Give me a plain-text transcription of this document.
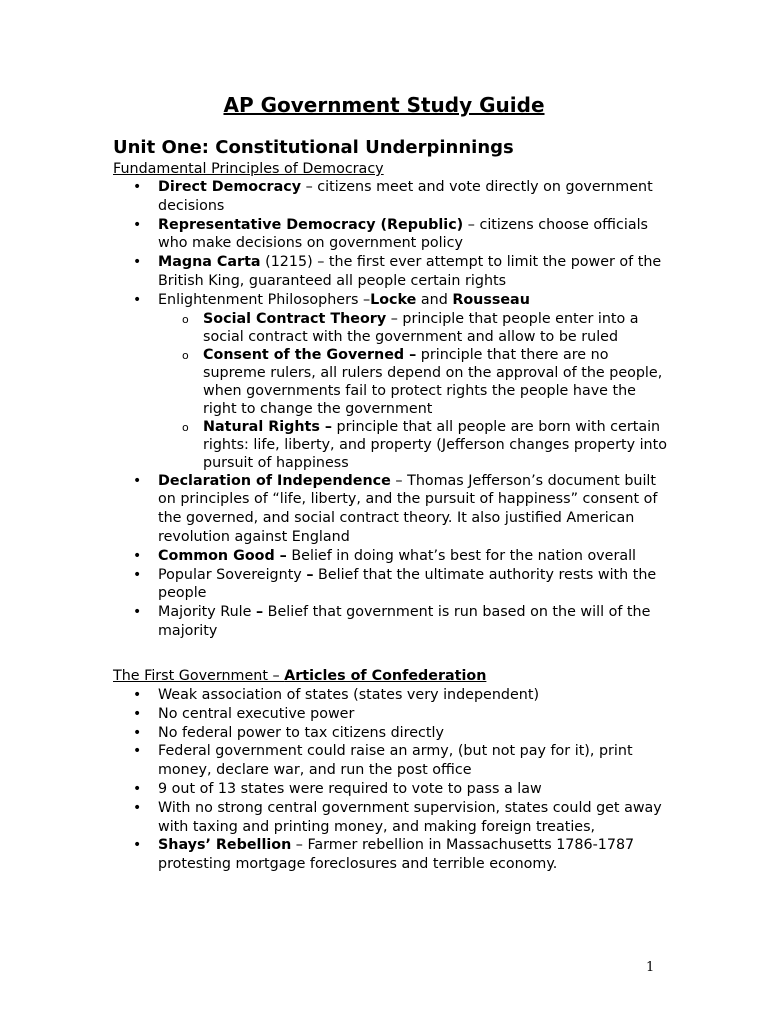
AP Government Study Guide
Unit One: Constitutional Underpinnings
Fundamental Principles of Democracy
• Direct Democracy – citizens meet and vote directly on government decisions
• Representative Democracy (Republic) – citizens choose officials who make decisions on government policy
• Magna Carta (1215) – the first ever attempt to limit the power of the British King, guaranteed all people certain rights
• Enlightenment Philosophers –Locke and Rousseau
o Social Contract Theory – principle that people enter into a social contract with the government and allow to be ruled
o Consent of the Governed – principle that there are no supreme rulers, all rulers depend on the approval of the people, when governments fail to protect rights the people have the right to change the government
o Natural Rights – principle that all people are born with certain rights: life, liberty, and property (Jefferson changes property into pursuit of happiness
• Declaration of Independence – Thomas Jefferson’s document built on principles of “life, liberty, and the pursuit of happiness” consent of the governed, and social contract theory. It also justified American revolution against England
• Common Good – Belief in doing what’s best for the nation overall
• Popular Sovereignty – Belief that the ultimate authority rests with the people
• Majority Rule – Belief that government is run based on the will of the majority
The First Government – Articles of Confederation
• Weak association of states (states very independent)
• No central executive power
• No federal power to tax citizens directly
• Federal government could raise an army, (but not pay for it), print money, declare war, and run the post office
• 9 out of 13 states were required to vote to pass a law
• With no strong central government supervision, states could get away with taxing and printing money, and making foreign treaties,
• Shays’ Rebellion – Farmer rebellion in Massachusetts 1786-1787 protesting mortgage foreclosures and terrible economy.
1
